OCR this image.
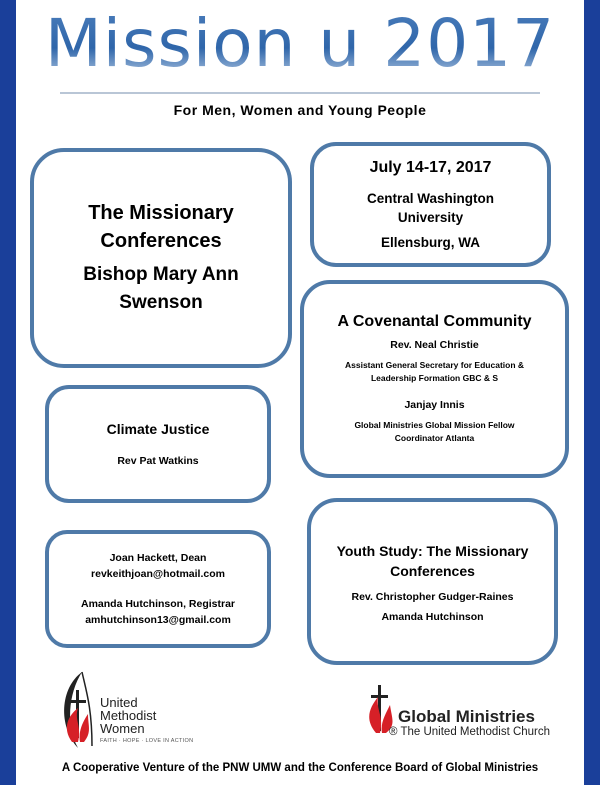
Mission u 2017
For Men, Women and Young People
The Missionary
Conferences
Bishop Mary Ann
Swenson
July 14-17, 2017
Central Washington
University
Ellensburg, WA
A Covenantal Community
Rev. Neal Christie
Assistant General Secretary for Education &
Leadership Formation GBC & S
Janjay Innis
Global Ministries Global Mission Fellow
Coordinator Atlanta
Climate Justice
Rev Pat Watkins
Joan Hackett, Dean
revkeithjoan@hotmail.com
Amanda Hutchinson, Registrar
amhutchinson13@gmail.com
Youth Study: The Missionary
Conferences
Rev. Christopher Gudger-Raines
Amanda Hutchinson
United
Methodist
Women
FAITH · HOPE · LOVE IN ACTION
Global Ministries
® The United Methodist Church
A Cooperative Venture of the PNW UMW and the Conference Board of Global Ministries
